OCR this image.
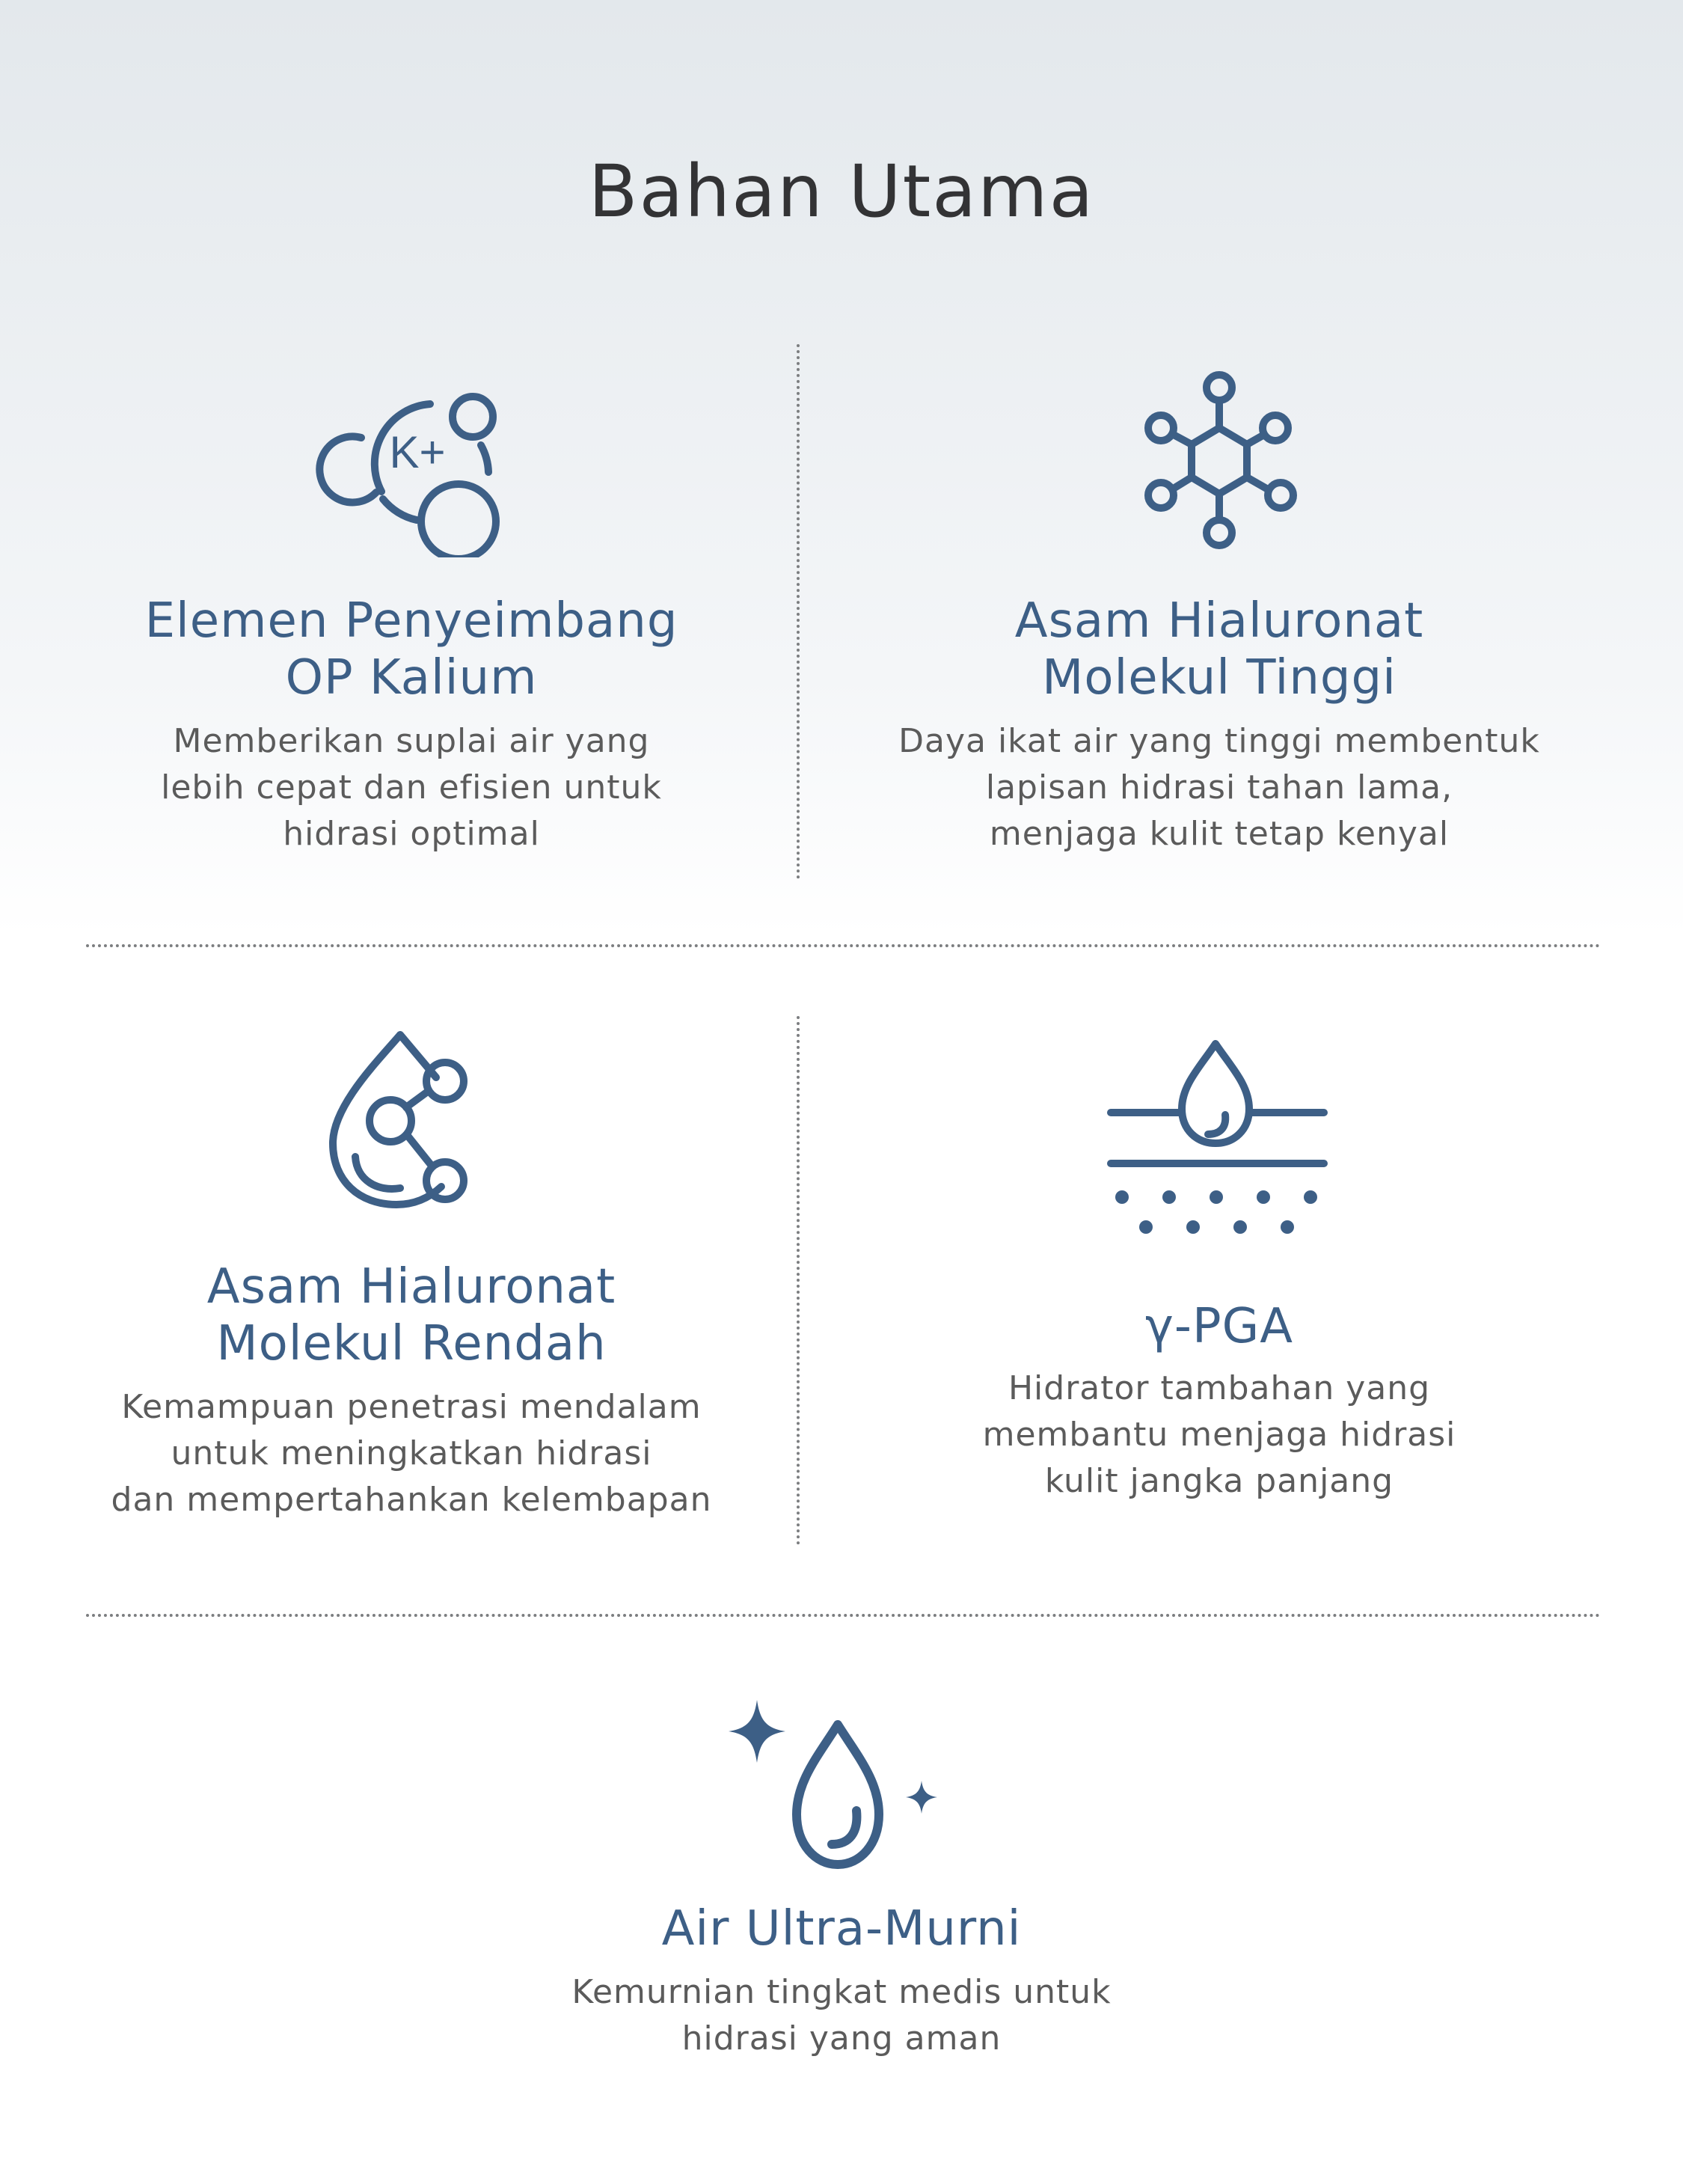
Bahan Utama
K+
Elemen Penyeimbang
OP Kalium

Memberikan suplai air yang
lebih cepat dan efisien untuk
hidrasi optimal

Asam Hialuronat
Molekul Tinggi

Daya ikat air yang tinggi membentuk
lapisan hidrasi tahan lama,
menjaga kulit tetap kenyal

Asam Hialuronat
Molekul Rendah

Kemampuan penetrasi mendalam
untuk meningkatkan hidrasi
dan mempertahankan kelembapan

γ-PGA

Hidrator tambahan yang
membantu menjaga hidrasi
kulit jangka panjang

Air Ultra-Murni

Kemurnian tingkat medis untuk
hidrasi yang aman
